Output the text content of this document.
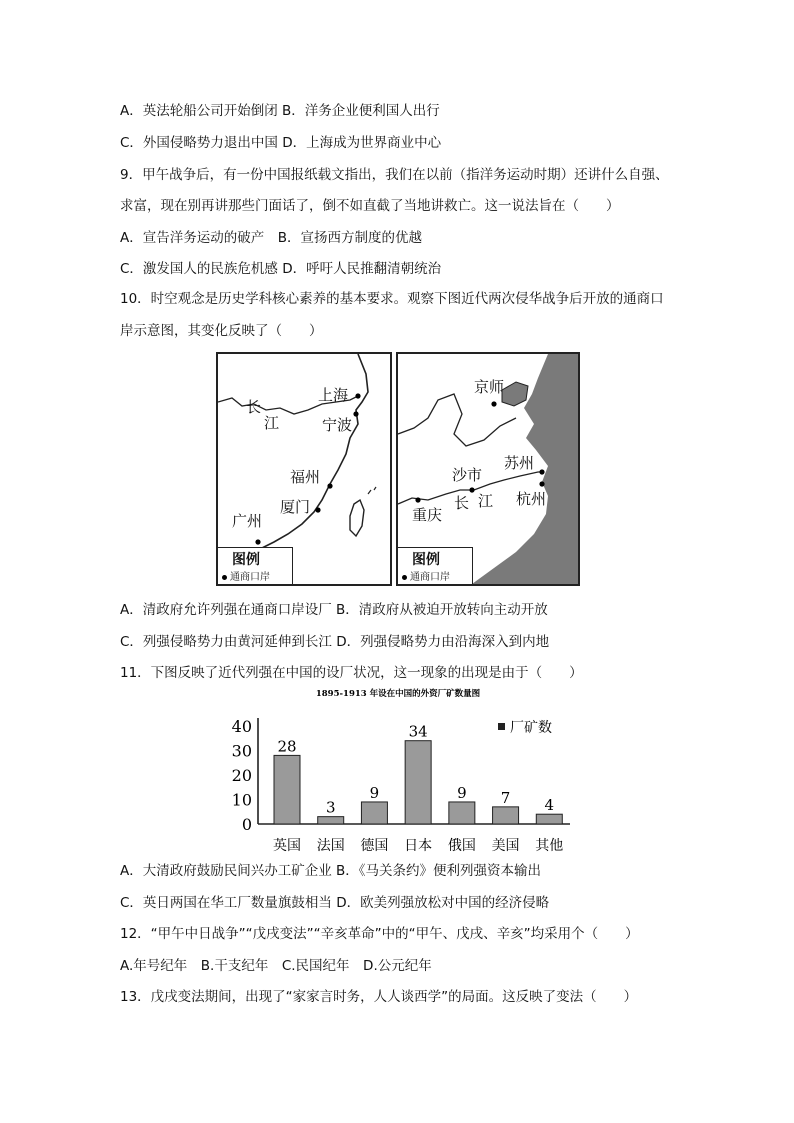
A．英法轮船公司开始倒闭 B．洋务企业便利国人出行
C．外国侵略势力退出中国 D．上海成为世界商业中心
9．甲午战争后，有一份中国报纸载文指出，我们在以前（指洋务运动时期）还讲什么自强、
求富，现在别再讲那些门面话了，倒不如直截了当地讲救亡。这一说法旨在（　　）
A．宣告洋务运动的破产　B．宣扬西方制度的优越
C．激发国人的民族危机感 D．呼吁人民推翻清朝统治
10．时空观念是历史学科核心素养的基本要求。观察下图近代两次侵华战争后开放的通商口
岸示意图，其变化反映了（　　）
上海
宁波
福州
厦门
广州
长
江
图例
通商口岸
京师
苏州
沙市
杭州
重庆
长 江
图例
通商口岸
A．清政府允许列强在通商口岸设厂 B．清政府从被迫开放转向主动开放
C．列强侵略势力由黄河延伸到长江 D．列强侵略势力由沿海深入到内地
11．下图反映了近代列强在中国的设厂状况，这一现象的出现是由于（　　）
1895-1913 年设在中国的外资厂矿数量图
0
10
20
30
40
28
英国
3
法国
9
德国
34
日本
9
俄国
7
美国
4
其他
厂矿数
A．大清政府鼓励民间兴办工矿企业 B．《马关条约》便利列强资本输出
C．英日两国在华工厂数量旗鼓相当 D．欧美列强放松对中国的经济侵略
12．“甲午中日战争”“戊戌变法”“辛亥革命”中的“甲午、戊戌、辛亥”均采用个（　　）
A.年号纪年　B.干支纪年　C.民国纪年　D.公元纪年
13．戊戌变法期间，出现了“家家言时务，人人谈西学”的局面。这反映了变法（　　）
